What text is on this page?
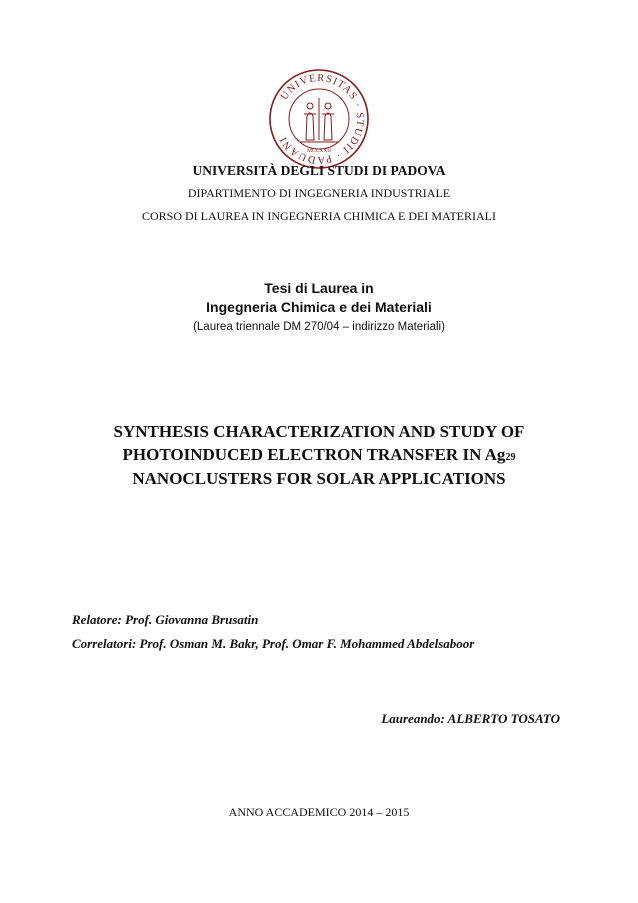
UNIVERSITAS · STUDII · PADUANI
MCCXXII
UNIVERSITÀ DEGLI STUDI DI PADOVA
DIPARTIMENTO DI INGEGNERIA INDUSTRIALE
CORSO DI LAUREA IN INGEGNERIA CHIMICA E DEI MATERIALI
Tesi di Laurea in
Ingegneria Chimica e dei Materiali
(Laurea triennale DM 270/04 – indirizzo Materiali)
SYNTHESIS CHARACTERIZATION AND STUDY OF
PHOTOINDUCED ELECTRON TRANSFER IN Ag29
NANOCLUSTERS FOR SOLAR APPLICATIONS
Relatore: Prof. Giovanna Brusatin
Correlatori: Prof. Osman M. Bakr, Prof. Omar F. Mohammed Abdelsaboor
Laureando: ALBERTO TOSATO
ANNO ACCADEMICO 2014 – 2015
